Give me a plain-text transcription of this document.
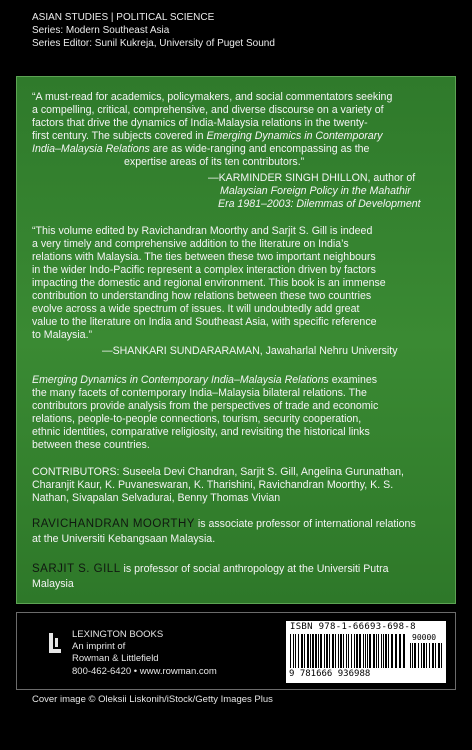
ASIAN STUDIES | POLITICAL SCIENCE
Series: Modern Southeast Asia
Series Editor: Sunil Kukreja, University of Puget Sound
“A must-read for academics, policymakers, and social commentators seeking
a compelling, critical, comprehensive, and diverse discourse on a variety of
factors that drive the dynamics of India-Malaysia relations in the twenty-
first century. The subjects covered in Emerging Dynamics in Contemporary
India–Malaysia Relations are as wide-ranging and encompassing as the
expertise areas of its ten contributors.”
—KARMINDER SINGH DHILLON, author of
Malaysian Foreign Policy in the Mahathir
Era 1981–2003: Dilemmas of Development
“This volume edited by Ravichandran Moorthy and Sarjit S. Gill is indeed
a very timely and comprehensive addition to the literature on India’s
relations with Malaysia. The ties between these two important neighbours
in the wider Indo-Pacific represent a complex interaction driven by factors
impacting the domestic and regional environment. This book is an immense
contribution to understanding how relations between these two countries
evolve across a wide spectrum of issues. It will undoubtedly add great
value to the literature on India and Southeast Asia, with specific reference
to Malaysia.”
—SHANKARI SUNDARARAMAN, Jawaharlal Nehru University
Emerging Dynamics in Contemporary India–Malaysia Relations examines
the many facets of contemporary India–Malaysia bilateral relations. The
contributors provide analysis from the perspectives of trade and economic
relations, people-to-people connections, tourism, security cooperation,
ethnic identities, comparative religiosity, and revisiting the historical links
between these countries.
CONTRIBUTORS: Suseela Devi Chandran, Sarjit S. Gill, Angelina Gurunathan,
Charanjit Kaur, K. Puvaneswaran, K. Tharishini, Ravichandran Moorthy, K. S.
Nathan, Sivapalan Selvadurai, Benny Thomas Vivian
RAVICHANDRAN MOORTHY is associate professor of international relations
at the Universiti Kebangsaan Malaysia.
SARJIT S. GILL is professor of social anthropology at the Universiti Putra
Malaysia
LEXINGTON BOOKS
An imprint of
Rowman & Littlefield
800-462-6420 • www.rowman.com
ISBN 978-1-66693-698-8
90000
9 781666 936988
Cover image © Oleksii Liskonih/iStock/Getty Images Plus
